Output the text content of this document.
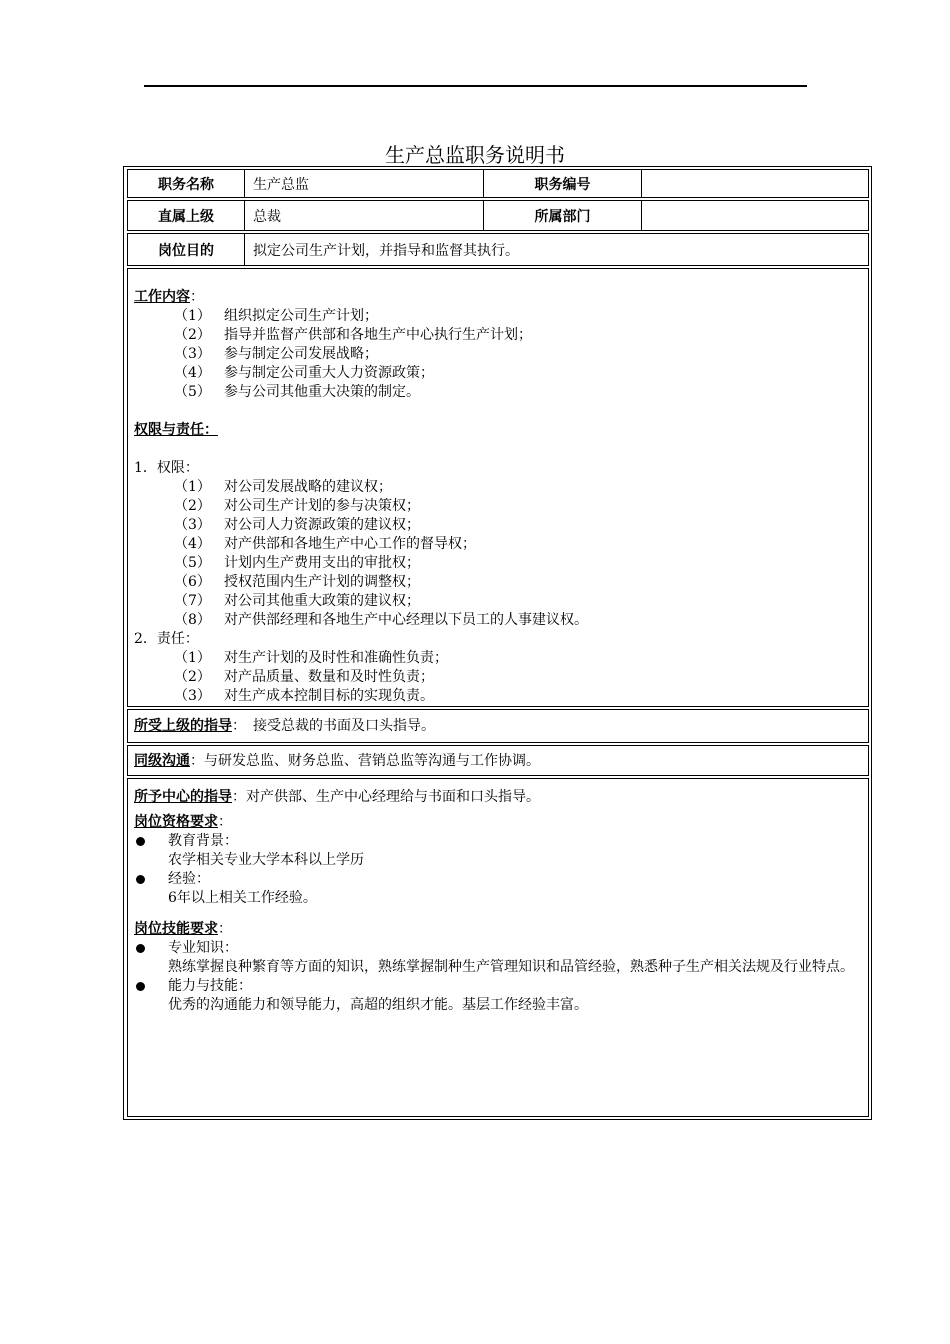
生产总监职务说明书
职务名称	生产总监	职务编号
直属上级	总裁	所属部门
岗位目的	拟定公司生产计划，并指导和监督其执行。
工作内容：
（1） 组织拟定公司生产计划；
（2） 指导并监督产供部和各地生产中心执行生产计划；
（3） 参与制定公司发展战略；
（4） 参与制定公司重大人力资源政策；
（5） 参与公司其他重大决策的制定。
权限与责任：
1．权限：
（1） 对公司发展战略的建议权；
（2） 对公司生产计划的参与决策权；
（3） 对公司人力资源政策的建议权；
（4） 对产供部和各地生产中心工作的督导权；
（5） 计划内生产费用支出的审批权；
（6） 授权范围内生产计划的调整权；
（7） 对公司其他重大政策的建议权；
（8） 对产供部经理和各地生产中心经理以下员工的人事建议权。
2．责任：
（1） 对生产计划的及时性和准确性负责；
（2） 对产品质量、数量和及时性负责；
（3） 对生产成本控制目标的实现负责。
所受上级的指导：　接受总裁的书面及口头指导。
同级沟通：与研发总监、财务总监、营销总监等沟通与工作协调。
所予中心的指导：对产供部、生产中心经理给与书面和口头指导。
岗位资格要求：
教育背景：
农学相关专业大学本科以上学历
经验：
6年以上相关工作经验。
岗位技能要求：
专业知识：
熟练掌握良种繁育等方面的知识，熟练掌握制种生产管理知识和品管经验，熟悉种子生产相关法规及行业特点。
能力与技能：
优秀的沟通能力和领导能力，高超的组织才能。基层工作经验丰富。
